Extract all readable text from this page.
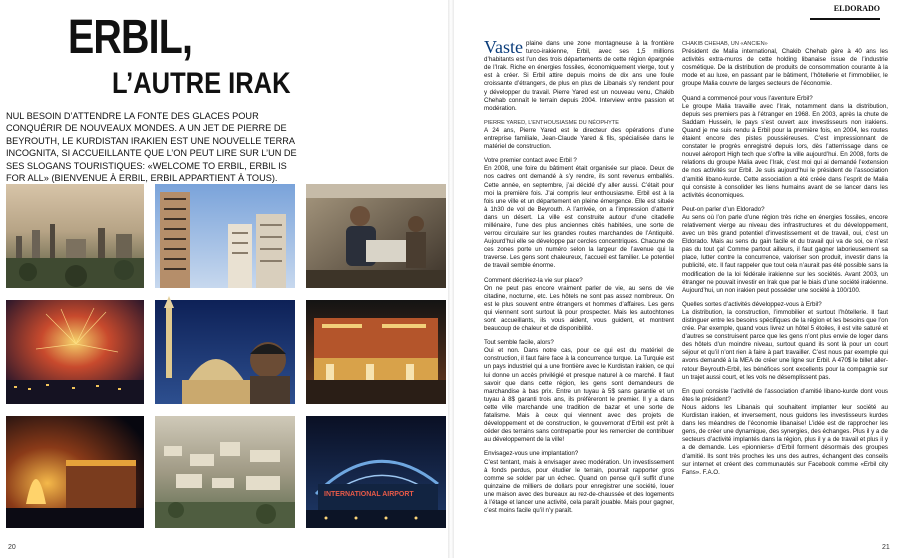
ERBIL,
L’AUTRE IRAK
NUL BESOIN D’ATTENDRE LA FONTE DES GLACES POUR CONQUÉRIR DE NOUVEAUX MONDES. A UN JET DE PIERRE DE BEYROUTH, LE KURDISTAN IRAKIEN EST UNE NOUVELLE TERRA INCOGNITA, SI ACCUEILLANTE QUE L’ON PEUT LIRE SUR L’UN DE SES SLOGANS TOURISTIQUES: «WELCOME TO ERBIL, ERBIL IS FOR ALL» (BIENVENUE À ERBIL, ERBIL APPARTIENT À TOUS).
INTERNATIONAL AIRPORT
20
ELDORADO

Vaste plaine dans une zone montagneuse à la frontière turco-irakienne, Erbil, avec ses 1,5 millions d’habitants est l’un des trois départements de cette région épargnée de l’Irak. Riche en énergies fossiles, économiquement vierge, tout y est à créer. Si Erbil attire depuis moins de dix ans une foule croissante d’étrangers, de plus en plus de Libanais s’y rendent pour y développer du travail. Pierre Yared est un nouveau venu, Chakib Chehab connaît le terrain depuis 2004. Interview entre passion et modération.

PIERRE YARED, L’ENTHOUSIASME DU NÉOPHYTE
A 24 ans, Pierre Yared est le directeur des opérations d’une entreprise familiale, Jean-Claude Yared & fils, spécialisée dans le matériel de construction.

Votre premier contact avec Erbil ?
En 2008, une foire du bâtiment était organisée sur place. Deux de nos cadres ont demandé à s’y rendre, ils sont revenus emballés. Cette année, en septembre, j’ai décidé d’y aller aussi. C’était pour moi la première fois. J’ai compris leur enthousiasme. Erbil est à la fois une ville et un département en pleine émergence. Elle est située à 1h30 de vol de Beyrouth. A l’arrivée, on a l’impression d’atterrir dans un désert. La ville est construite autour d’une citadelle millénaire, l’une des plus anciennes cités habitées, une sorte de verrou circulaire sur les grandes routes marchandes de l’Antiquité. Aujourd’hui elle se développe par cercles concentriques. Chacune de ces zones porte un numéro selon la largeur de l’avenue qui la traverse. Les gens sont chaleureux, l’accueil est familier. Le potentiel de travail semble énorme.

Comment décririez-la vie sur place?
On ne peut pas encore vraiment parler de vie, au sens de vie citadine, nocturne, etc. Les hôtels ne sont pas assez nombreux. On est le plus souvent entre étrangers et hommes d’affaires. Les gens qui viennent sont surtout là pour prospecter. Mais les autochtones sont accueillants, ils vous aident, vous guident, et montrent beaucoup de chaleur et de disponibilité.

Tout semble facile, alors?
Oui et non. Dans notre cas, pour ce qui est du matériel de construction, il faut faire face à la concurrence turque. La Turquie est un pays industriel qui a une frontière avec le Kurdistan irakien, ce qui lui donne un accès privilégié et presque naturel à ce marché. Il faut savoir que dans cette région, les gens sont demandeurs de marchandise à bas prix. Entre un tuyau à 5$ sans garantie et un tuyau à 8$ garanti trois ans, ils préfèreront le premier. Il y a dans cette ville marchande une tradition de bazar et une sorte de fatalisme. Mais à ceux qui viennent avec des projets de développement et de construction, le gouvernorat d’Erbil est prêt à céder des terrains sans contrepartie pour les remercier de contribuer au développement de la ville!

Envisagez-vous une implantation?
C’est tentant, mais à envisager avec modération. Un investissement à fonds perdus, pour étudier le terrain, pourrait rapporter gros comme se solder par un échec. Quand on pense qu’il suffit d’une quinzaine de milliers de dollars pour enregistrer une société, louer une maison avec des bureaux au rez-de-chaussée et des logements à l’étage et lancer une activité, cela paraît jouable. Mais pour gagner, c’est moins facile qu’il n’y paraît.

CHAKIB CHEHAB, UN «ANCIEN»
Président de Malia international, Chakib Chehab gère à 40 ans les activités extra-muros de cette holding libanaise issue de l’industrie cosmétique. De la distribution de produits de consommation courante à la mode et au luxe, en passant par le bâtiment, l’hôtellerie et l’immobilier, le groupe Malia couvre de larges secteurs de l’économie.

Quand a commencé pour vous l’aventure Erbil?
Le groupe Malia travaille avec l’Irak, notamment dans la distribution, depuis ses premiers pas à l’étranger en 1968. En 2003, après la chute de Saddam Hussein, le pays s’est ouvert aux investisseurs non irakiens. Quand je me suis rendu à Erbil pour la première fois, en 2004, les routes étaient encore des pistes poussiéreuses. C’est impressionnant de constater le progrès enregistré depuis lors, dès l’atterrissage dans ce nouvel aéroport High tech que s’offre la ville aujourd’hui. En 2008, forts de relations du groupe Malia avec l’Irak, c’est moi qui ai demandé l’extension de nos activités sur Erbil. Je suis aujourd’hui le président de l’association d’amitié libano-kurde. Cette association a été créée dans l’esprit de Malia qui consiste à consolider les liens humains avant de se lancer dans les activités économiques.

Peut-on parler d’un Eldorado?
Au sens où l’on parle d’une région très riche en énergies fossiles, encore relativement vierge au niveau des infrastructures et du développement, avec un très grand potentiel d’investissement et de travail, oui, c’est un Eldorado. Mais au sens du gain facile et du travail qui va de soi, ce n’est pas du tout ça! Comme partout ailleurs, il faut gagner laborieusement sa place, lutter contre la concurrence, valoriser son produit, investir dans la publicité, etc. Il faut rappeler que tout cela n’aurait pas été possible sans la modification de la loi fédérale irakienne sur les sociétés. Avant 2003, un étranger ne pouvait investir en Irak que par le biais d’une société irakienne. Aujourd’hui, un non irakien peut posséder une société à 100/100.

Quelles sortes d’activités développez-vous à Erbil?
La distribution, la construction, l’immobilier et surtout l’hôtellerie. Il faut distinguer entre les besoins spécifiques de la région et les besoins que l’on crée. Par exemple, quand vous livrez un hôtel 5 étoiles, il est vite saturé et d’autres se construisent parce que les gens n’ont plus envie de loger dans des hôtels d’un moindre niveau, surtout quand ils sont là pour un court séjour et qu’il n’ont rien à faire à part travailler. C’est nous par exemple qui avons demandé à la MEA de créer une ligne sur Erbil. A 470$ le billet aller-retour Beyrouth-Erbil, les bénéfices sont excellents pour la compagnie sur un trajet aussi court, et les vols ne désemplissent pas.

En quoi consiste l’activité de l’association d’amitié libano-kurde dont vous êtes le président?
Nous aidons les Libanais qui souhaitent implanter leur société au Kurdistan irakien, et inversement, nous guidons les investisseurs kurdes dans les méandres de l’économie libanaise! L’idée est de rapprocher les gens, de créer une dynamique, des synergies, des échanges. Plus il y a de secteurs d’activité implantés dans la région, plus il y a de travail et plus il y a de demande. Les «pionniers» d’Erbil forment désormais des groupes d’amitié. Ils sont très proches les uns des autres, échangent des conseils sur internet et créent des communautés sur Facebook comme «Erbil city Fans». F.A.O.

21
